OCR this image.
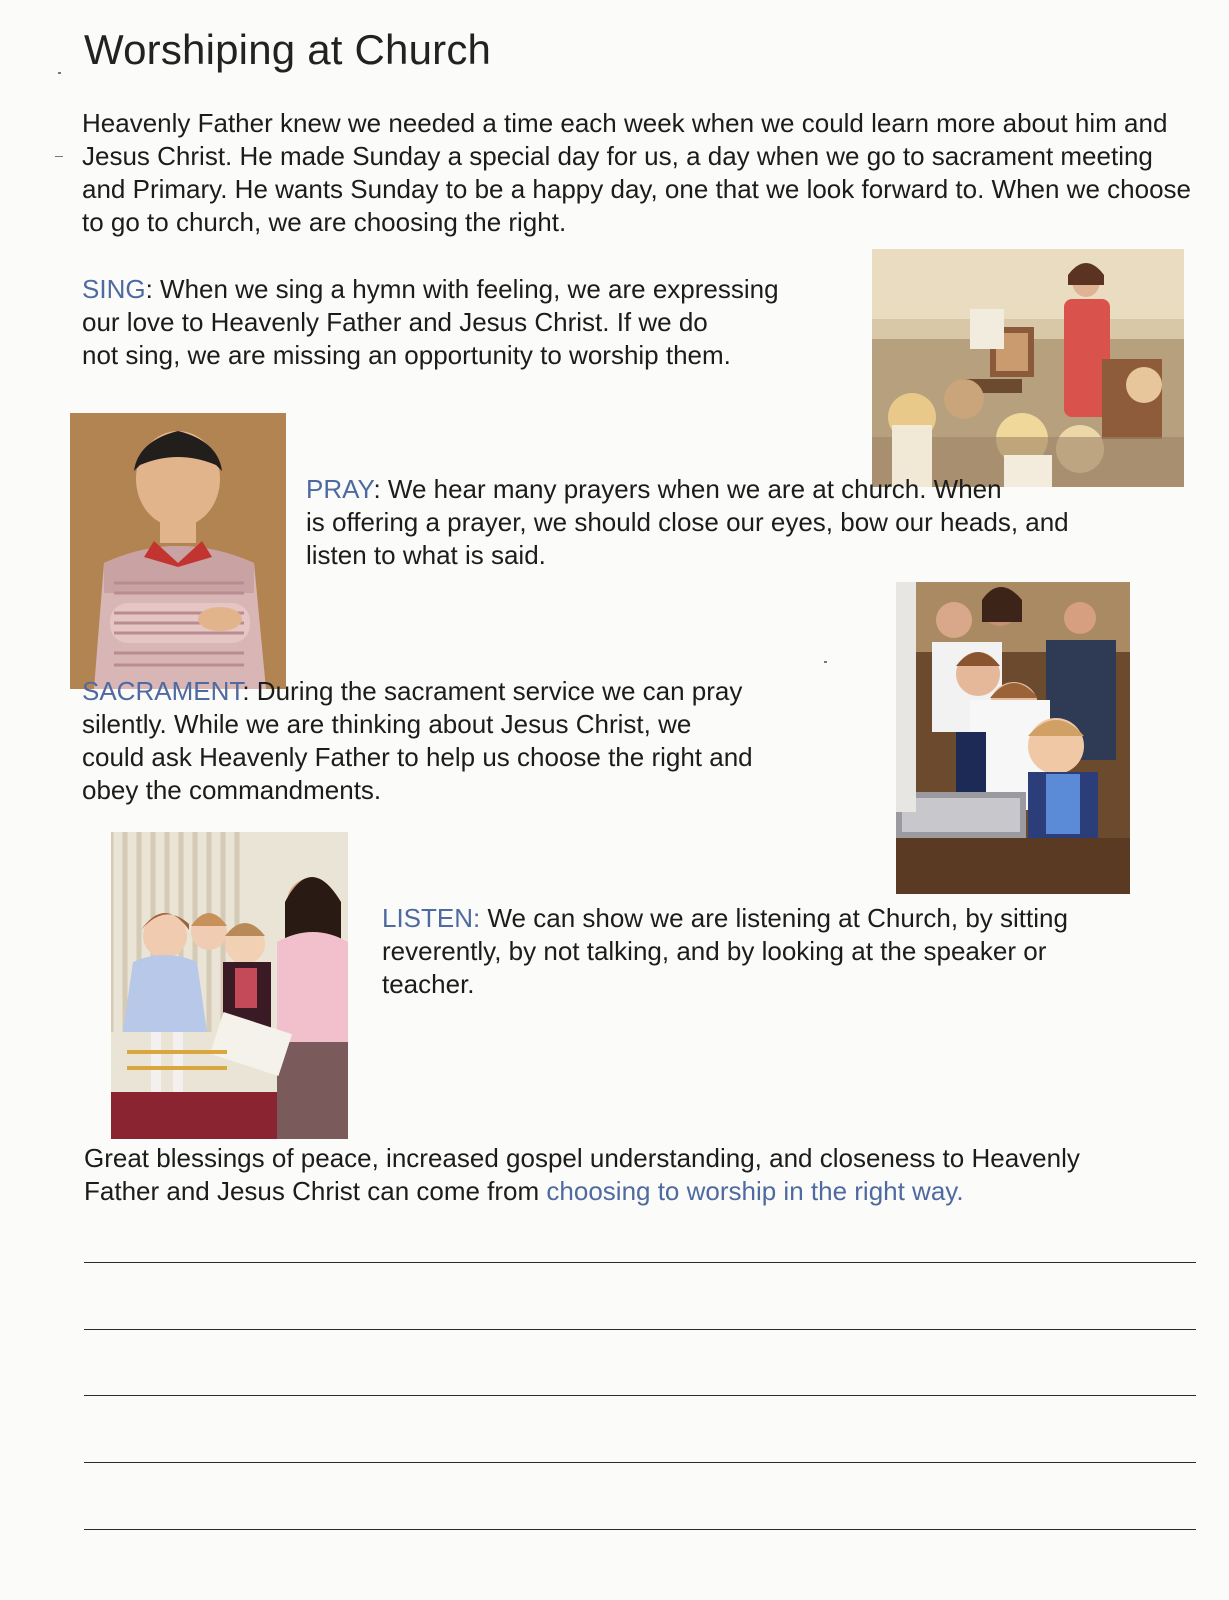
Worshiping at Church

Heavenly Father knew we needed a time each week when we could learn more about him and Jesus Christ. He made Sunday a special day for us, a day when we go to sacrament meeting and Primary. He wants Sunday to be a happy day, one that we look forward to. When we choose to go to church, we are choosing the right.

SING: When we sing a hymn with feeling, we are expressing

our love to Heavenly Father and Jesus Christ. If we do

not sing, we are missing an opportunity to worship them.

PRAY: We hear many prayers when we are at church. When

is offering a prayer, we should close our eyes, bow our heads, and

listen to what is said.

SACRAMENT: During the sacrament service we can pray

silently. While we are thinking about Jesus Christ, we

could ask Heavenly Father to help us choose the right and

obey the commandments.

LISTEN: We can show we are listening at Church, by sitting

reverently, by not talking, and by looking at the speaker or

teacher.

Great blessings of peace, increased gospel understanding, and closeness to Heavenly

Father and Jesus Christ can come from choosing to worship in the right way.
